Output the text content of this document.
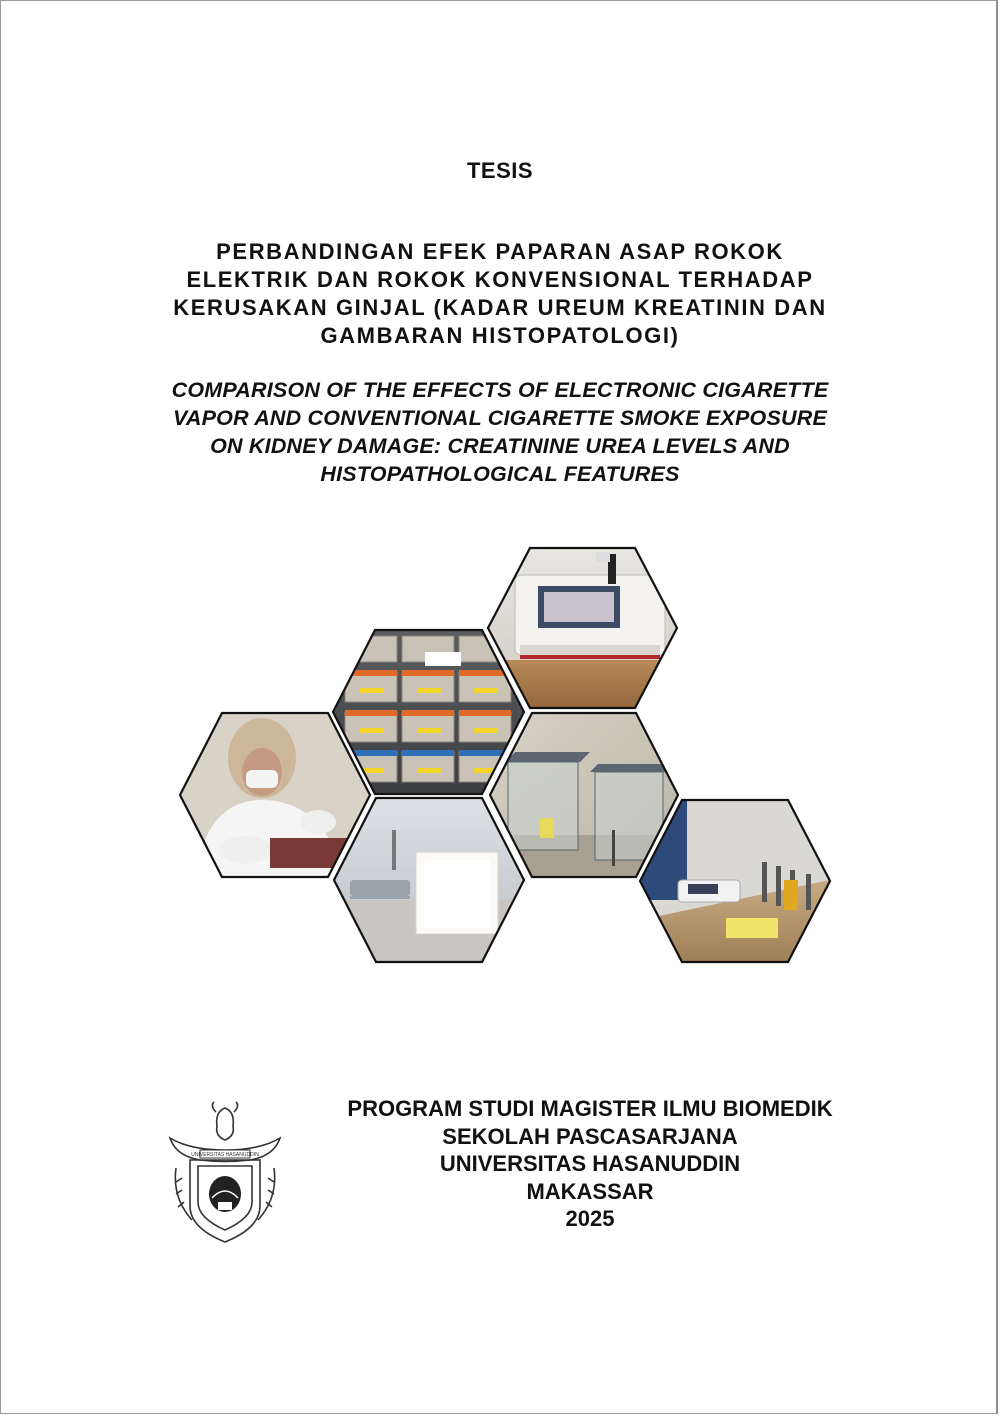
TESIS
PERBANDINGAN EFEK PAPARAN ASAP ROKOK
ELEKTRIK DAN ROKOK KONVENSIONAL TERHADAP
KERUSAKAN GINJAL (KADAR UREUM KREATININ DAN
GAMBARAN HISTOPATOLOGI)
COMPARISON OF THE EFFECTS OF ELECTRONIC CIGARETTE
VAPOR AND CONVENTIONAL CIGARETTE SMOKE EXPOSURE
ON KIDNEY DAMAGE: CREATININE UREA LEVELS AND
HISTOPATHOLOGICAL FEATURES
UNIVERSITAS HASANUDDIN
PROGRAM STUDI MAGISTER ILMU BIOMEDIK
SEKOLAH PASCASARJANA
UNIVERSITAS HASANUDDIN
MAKASSAR
2025
